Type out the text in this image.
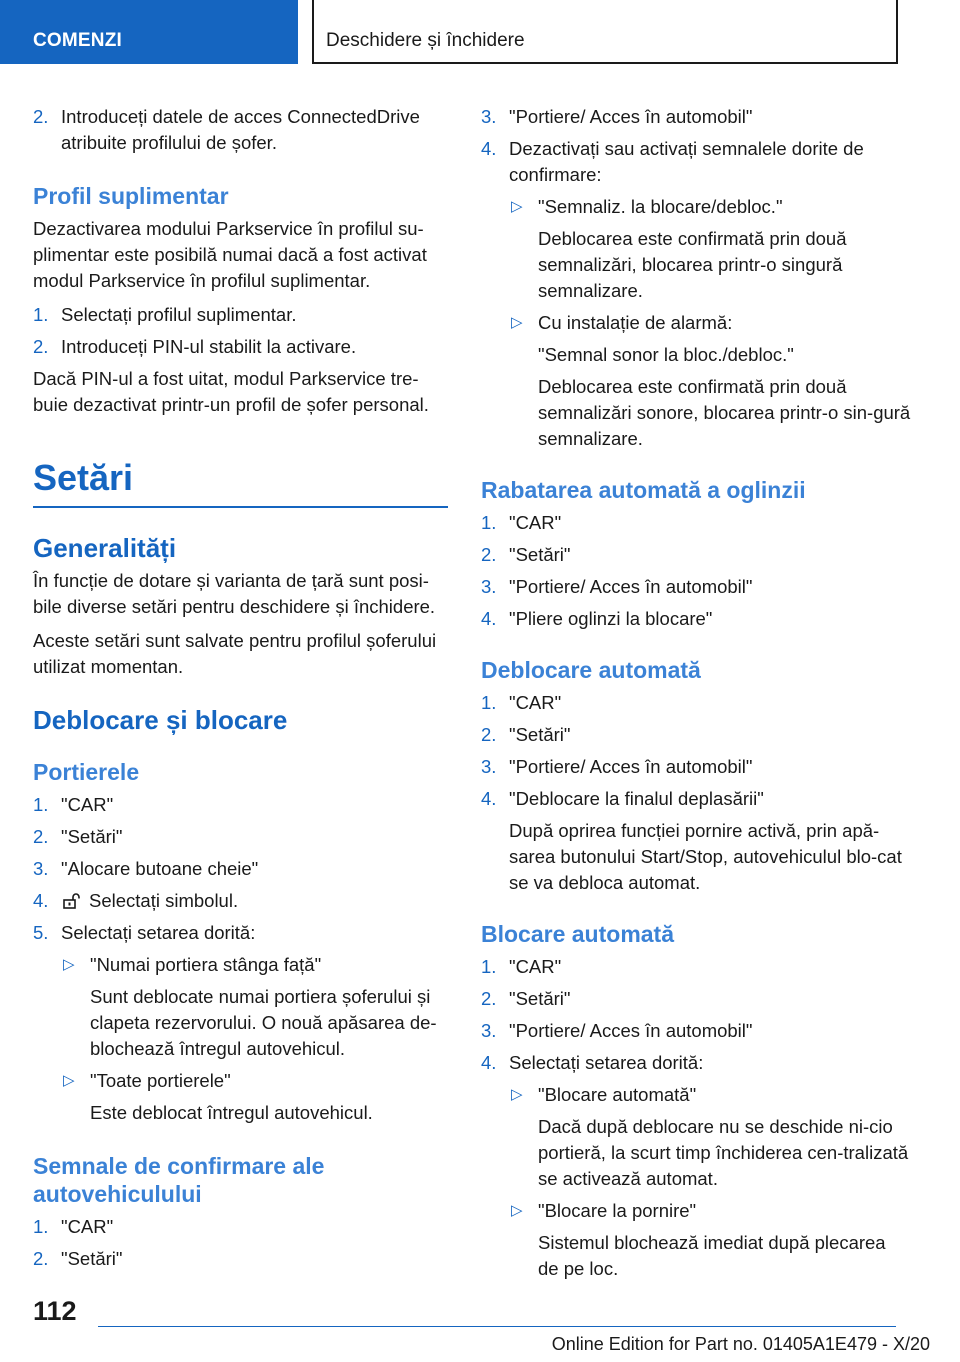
COMENZI	Deschidere și închidere
2. Introduceți datele de acces ConnectedDrive atribuite profilului de șofer.
Profil suplimentar

Dezactivarea modului Parkservice în profilul su-plimentar este posibilă numai dacă a fost activat modul Parkservice în profilul suplimentar.

1. Selectați profilul suplimentar.
2. Introduceți PIN-ul stabilit la activare.

Dacă PIN-ul a fost uitat, modul Parkservice tre-buie dezactivat printr-un profil de șofer personal.

Setări
Generalități

În funcție de dotare și varianta de țară sunt posi-bile diverse setări pentru deschidere și închidere.

Aceste setări sunt salvate pentru profilul șoferului utilizat momentan.

Deblocare și blocare
Portierele
1. "CAR"
2. "Setări"
3. "Alocare butoane cheie"
4. Selectați simbolul.
5. Selectați setarea dorită:
▷ "Numai portiera stânga față"
Sunt deblocate numai portiera șoferului și clapeta rezervorului. O nouă apăsarea de-blochează întregul autovehicul.
▷ "Toate portierele"
Este deblocat întregul autovehicul.
Semnale de confirmare ale autovehiculului
1. "CAR"
2. "Setări"
3. "Portiere/ Acces în automobil"
4. Dezactivați sau activați semnalele dorite de confirmare:
▷ "Semnaliz. la blocare/debloc."
Deblocarea este confirmată prin două semnalizări, blocarea printr-o singură semnalizare.
▷ Cu instalație de alarmă:
"Semnal sonor la bloc./debloc."
Deblocarea este confirmată prin două semnalizări sonore, blocarea printr-o sin-gură semnalizare.
Rabatarea automată a oglinzii
1. "CAR"
2. "Setări"
3. "Portiere/ Acces în automobil"
4. "Pliere oglinzi la blocare"
Deblocare automată
1. "CAR"
2. "Setări"
3. "Portiere/ Acces în automobil"
4. "Deblocare la finalul deplasării"
După oprirea funcției pornire activă, prin apă-sarea butonului Start/Stop, autovehiculul blo-cat se va debloca automat.
Blocare automată
1. "CAR"
2. "Setări"
3. "Portiere/ Acces în automobil"
4. Selectați setarea dorită:
▷ "Blocare automată"
Dacă după deblocare nu se deschide ni-cio portieră, la scurt timp închiderea cen-tralizată se activează automat.
▷ "Blocare la pornire"
Sistemul blochează imediat după plecarea de pe loc.
112
Online Edition for Part no. 01405A1E479 - X/20
